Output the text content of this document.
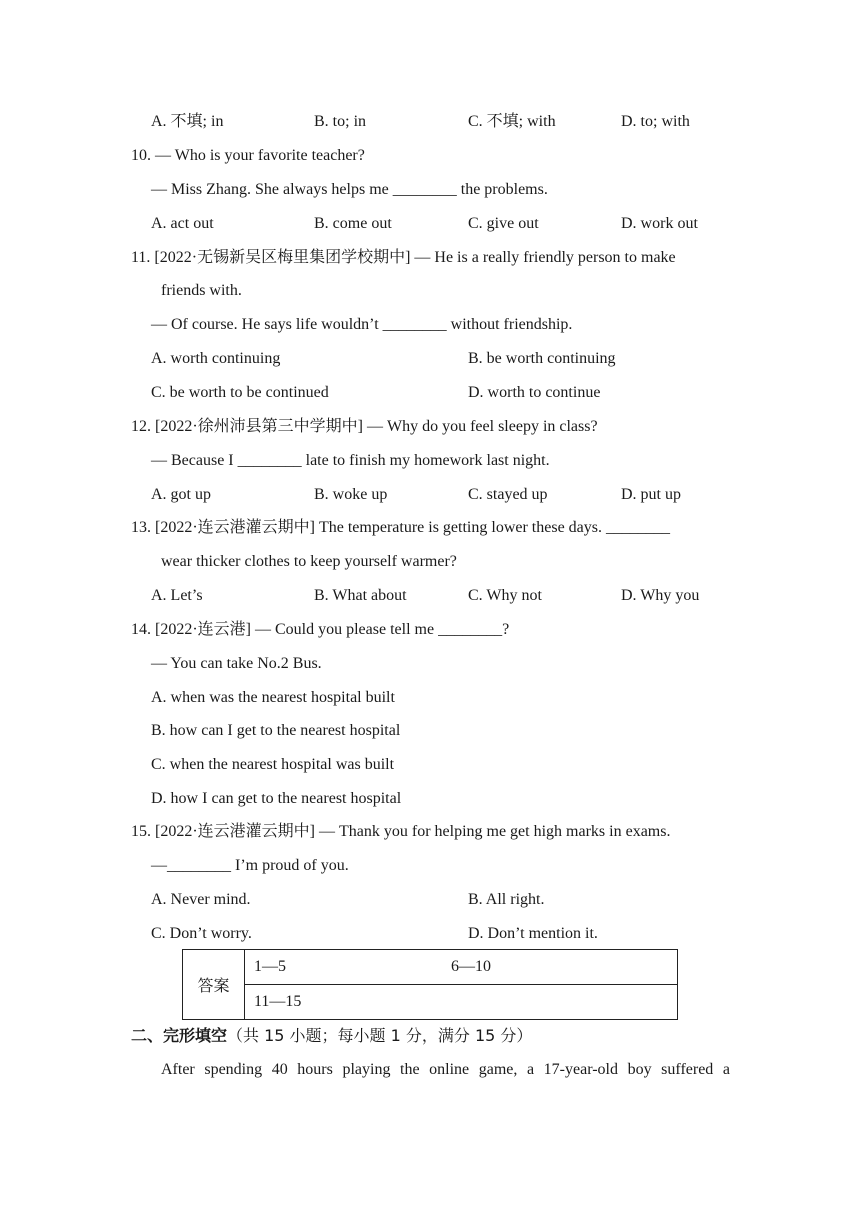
A. 不填; in	B. to; in	C. 不填; with	D. to; with
10. — Who is your favorite teacher?
— Miss Zhang. She always helps me ________ the problems.
A. act out	B. come out	C. give out	D. work out
11. [2022·无锡新吴区梅里集团学校期中] — He is a really friendly person to make
friends with.
— Of course. He says life wouldn’t ________ without friendship.
A. worth continuing	B. be worth continuing
C. be worth to be continued	D. worth to continue
12. [2022·徐州沛县第三中学期中] — Why do you feel sleepy in class?
— Because I ________ late to finish my homework last night.
A. got up	B. woke up	C. stayed up	D. put up
13. [2022·连云港灌云期中] The temperature is getting lower these days. ________
wear thicker clothes to keep yourself warmer?
A. Let’s	B. What about	C. Why not	D. Why you
14. [2022·连云港] — Could you please tell me ________?
— You can take No.2 Bus.
A. when was the nearest hospital built
B. how can I get to the nearest hospital
C. when the nearest hospital was built
D. how I can get to the nearest hospital
15. [2022·连云港灌云期中] — Thank you for helping me get high marks in exams.
—________ I’m proud of you.
A. Never mind.	B. All right.
C. Don’t worry.	D. Don’t mention it.
答案	
1—5	6—10

11—15
二、完形填空（共 15 小题；每小题 1 分，满分 15 分）
After spending 40 hours playing the online game, a 17-year-old boy suffered a
